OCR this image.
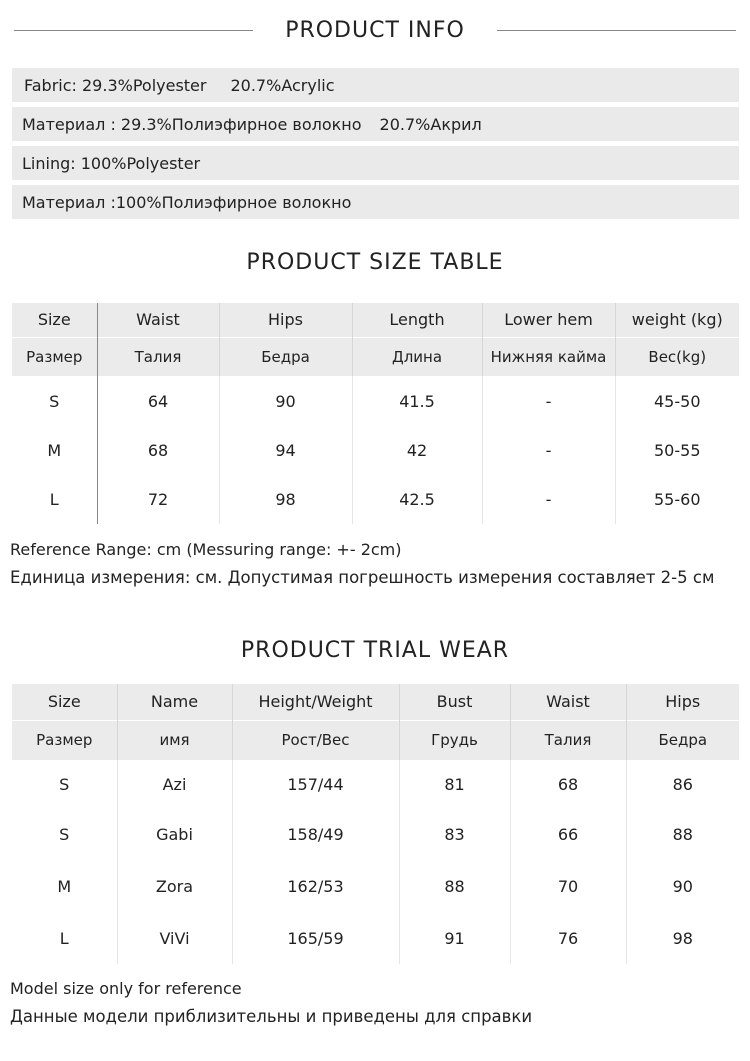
PRODUCT INFO
Fabric: 29.3%Polyester 20.7%Acrylic
Материал : 29.3%Полиэфирное волокно 20.7%Акрил
Lining: 100%Polyester
Материал :100%Полиэфирное волокно
PRODUCT SIZE TABLE
Size	Waist	Hips	Length	Lower hem	weight (kg)
Размер	Талия	Бедра	Длина	Нижняя кайма	Вес(kg)
S	64	90	41.5	-	45-50
M	68	94	42	-	50-55
L	72	98	42.5	-	55-60
Reference Range: cm (Messuring range: +- 2cm)
Единица измерения: см. Допустимая погрешность измерения составляет 2-5 см
PRODUCT TRIAL WEAR
Size	Name	Height/Weight	Bust	Waist	Hips
Размер	имя	Рост/Вес	Грудь	Талия	Бедра
S	Azi	157/44	81	68	86
S	Gabi	158/49	83	66	88
M	Zora	162/53	88	70	90
L	ViVi	165/59	91	76	98
Model size only for reference
Данные модели приблизительны и приведены для справки
